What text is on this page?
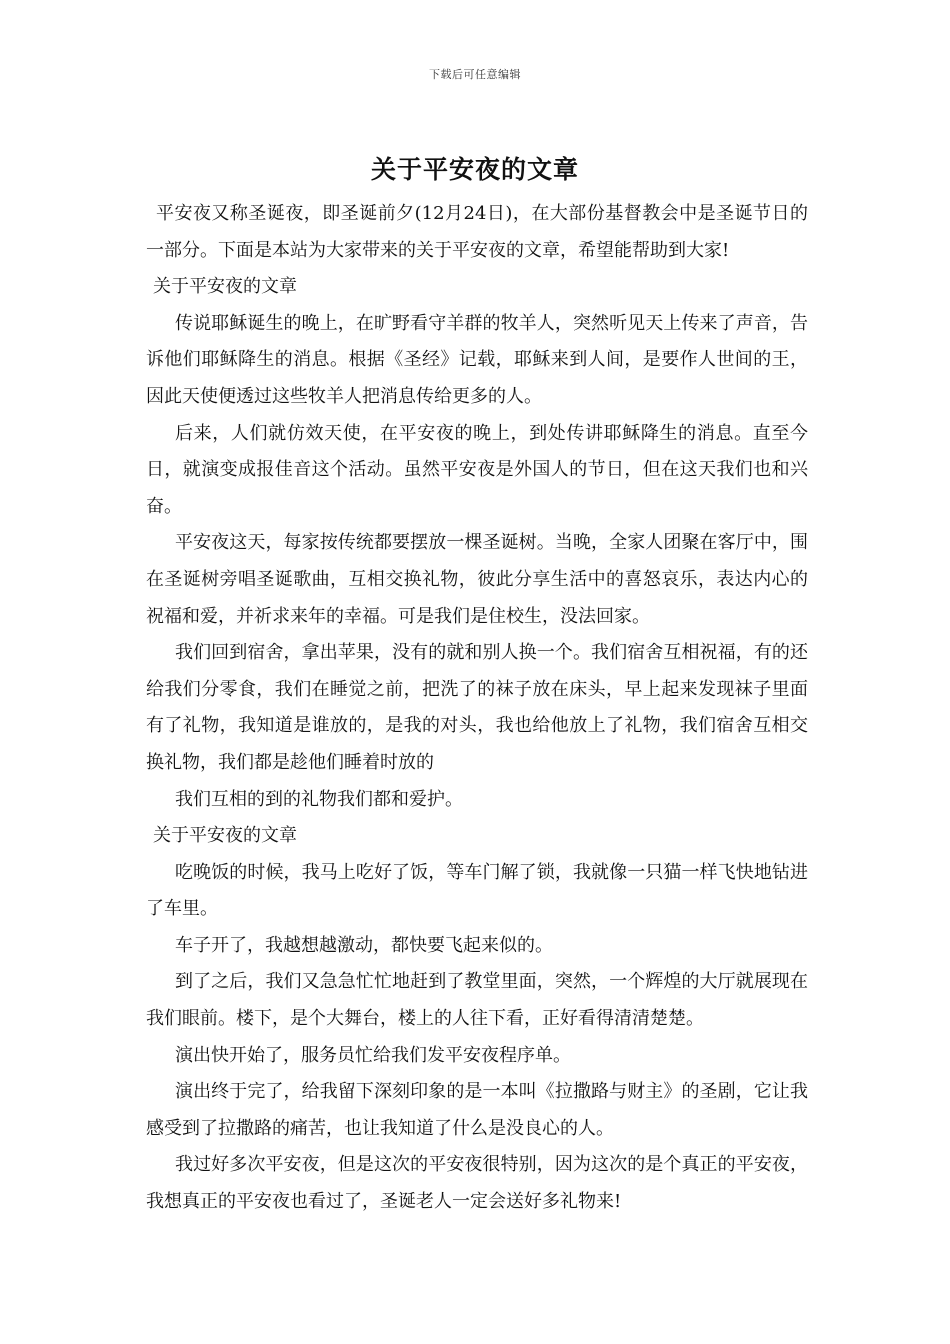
下载后可任意编辑
关于平安夜的文章

平安夜又称圣诞夜，即圣诞前夕(12月24日)，在大部份基督教会中是圣诞节日的一部分。下面是本站为大家带来的关于平安夜的文章，希望能帮助到大家!

关于平安夜的文章

传说耶稣诞生的晚上，在旷野看守羊群的牧羊人，突然听见天上传来了声音，告诉他们耶稣降生的消息。根据《圣经》记载，耶稣来到人间，是要作人世间的王，因此天使便透过这些牧羊人把消息传给更多的人。

后来，人们就仿效天使，在平安夜的晚上，到处传讲耶稣降生的消息。直至今日，就演变成报佳音这个活动。虽然平安夜是外国人的节日，但在这天我们也和兴奋。

平安夜这天，每家按传统都要摆放一棵圣诞树。当晚，全家人团聚在客厅中，围在圣诞树旁唱圣诞歌曲，互相交换礼物，彼此分享生活中的喜怒哀乐，表达内心的祝福和爱，并祈求来年的幸福。可是我们是住校生，没法回家。

我们回到宿舍，拿出苹果，没有的就和别人换一个。我们宿舍互相祝福，有的还给我们分零食，我们在睡觉之前，把洗了的袜子放在床头，早上起来发现袜子里面有了礼物，我知道是谁放的，是我的对头，我也给他放上了礼物，我们宿舍互相交换礼物，我们都是趁他们睡着时放的

我们互相的到的礼物我们都和爱护。

关于平安夜的文章

吃晚饭的时候，我马上吃好了饭，等车门解了锁，我就像一只猫一样飞快地钻进了车里。

车子开了，我越想越激动，都快要飞起来似的。

到了之后，我们又急急忙忙地赶到了教堂里面，突然，一个辉煌的大厅就展现在我们眼前。楼下，是个大舞台，楼上的人往下看，正好看得清清楚楚。

演出快开始了，服务员忙给我们发平安夜程序单。

演出终于完了，给我留下深刻印象的是一本叫《拉撒路与财主》的圣剧，它让我感受到了拉撒路的痛苦，也让我知道了什么是没良心的人。

我过好多次平安夜，但是这次的平安夜很特别，因为这次的是个真正的平安夜，我想真正的平安夜也看过了，圣诞老人一定会送好多礼物来!
